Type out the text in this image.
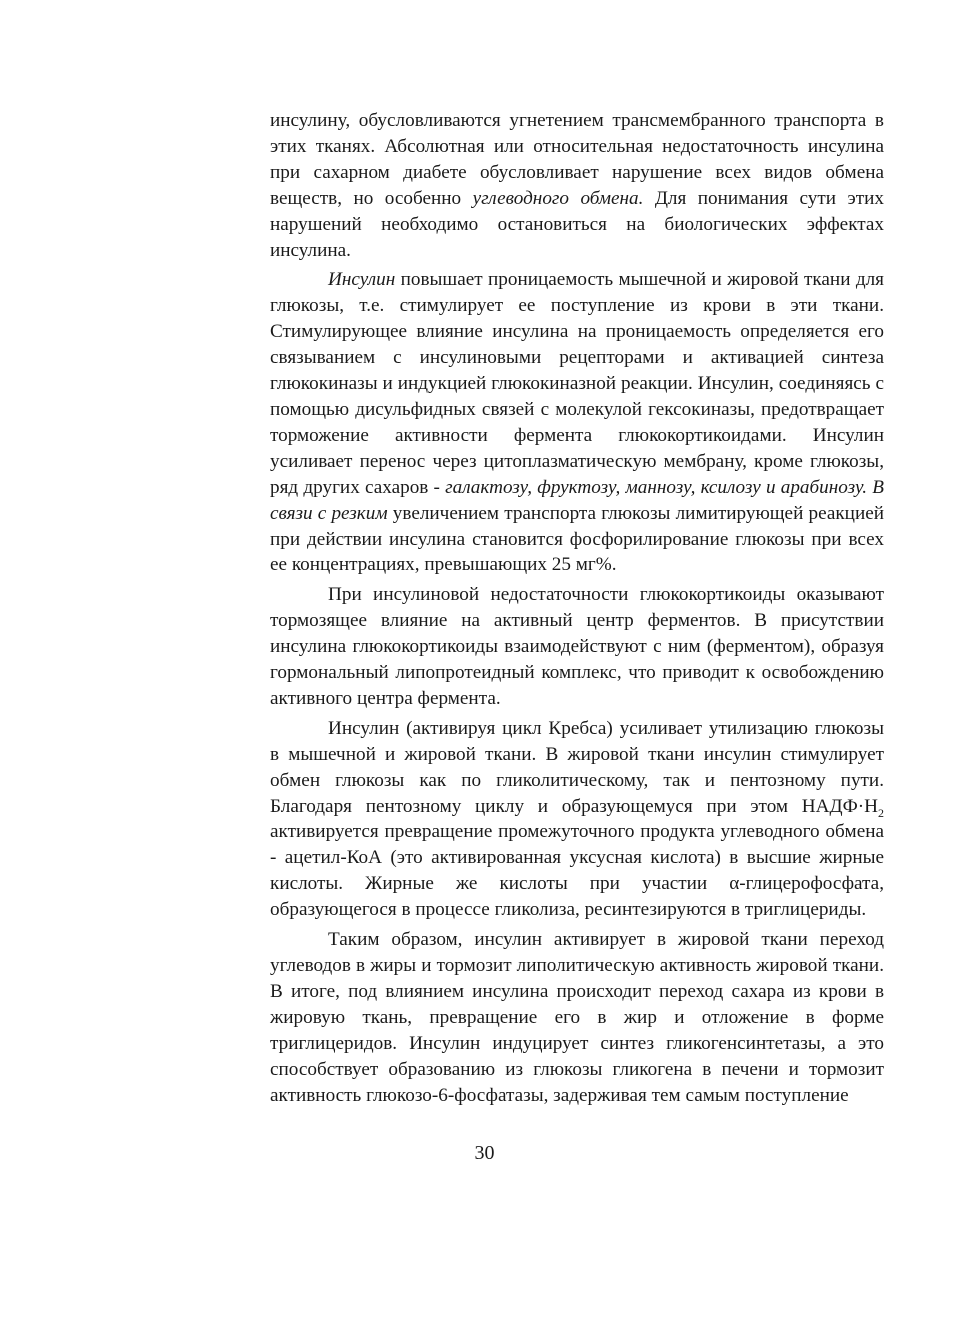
инсулину, обусловливаются угнетением трансмембранного транспорта в этих тканях. Абсолютная или относительная недостаточность инсулина при сахарном диабете обусловливает нарушение всех видов обмена веществ, но особенно углеводного обмена. Для понимания сути этих нарушений необходимо остановиться на биологических эффектах инсулина.

Инсулин повышает проницаемость мышечной и жировой ткани для глюкозы, т.е. стимулирует ее поступление из крови в эти ткани. Стимулирующее влияние инсулина на проницаемость определяется его связыванием с инсулиновыми рецепторами и активацией синтеза глюкокиназы и индукцией глюкокиназной реакции. Инсулин, соединяясь с помощью дисульфидных связей с молекулой гексокиназы, предотвращает торможение активности фермента глюкокортикоидами. Инсулин усиливает перенос через цитоплазматическую мембрану, кроме глюкозы, ряд других сахаров - галактозу, фруктозу, маннозу, ксилозу и арабинозу. В связи с резким увеличением транспорта глюкозы лимитирующей реакцией при действии инсулина становится фосфорилирование глюкозы при всех ее концентрациях, превышающих 25 мг%.

При инсулиновой недостаточности глюкокортикоиды оказывают тормозящее влияние на активный центр ферментов. В присутствии инсулина глюкокортикоиды взаимодействуют с ним (ферментом), образуя гормональный липопротеидный комплекс, что приводит к освобождению активного центра фермента.

Инсулин (активируя цикл Кребса) усиливает утилизацию глюкозы в мышечной и жировой ткани. В жировой ткани инсулин стимулирует обмен глюкозы как по гликолитическому, так и пентозному пути. Благодаря пентозному циклу и образующемуся при этом $НАДФ\cdot Н_2$ активируется превращение промежуточного продукта углеводного обмена - ацетил-КоА (это активированная уксусная кислота) в высшие жирные кислоты. Жирные же кислоты при участии α-глицерофосфата, образующегося в процессе гликолиза, ресинтезируются в триглицериды.

Таким образом, инсулин активирует в жировой ткани переход углеводов в жиры и тормозит липолитическую активность жировой ткани. В итоге, под влиянием инсулина происходит переход сахара из крови в жировую ткань, превращение его в жир и отложение в форме триглицеридов. Инсулин индуцирует синтез гликогенсинтетазы, а это способствует образованию из глюкозы гликогена в печени и тормозит активность глюкозо-6-фосфатазы, задерживая тем самым поступление

30
